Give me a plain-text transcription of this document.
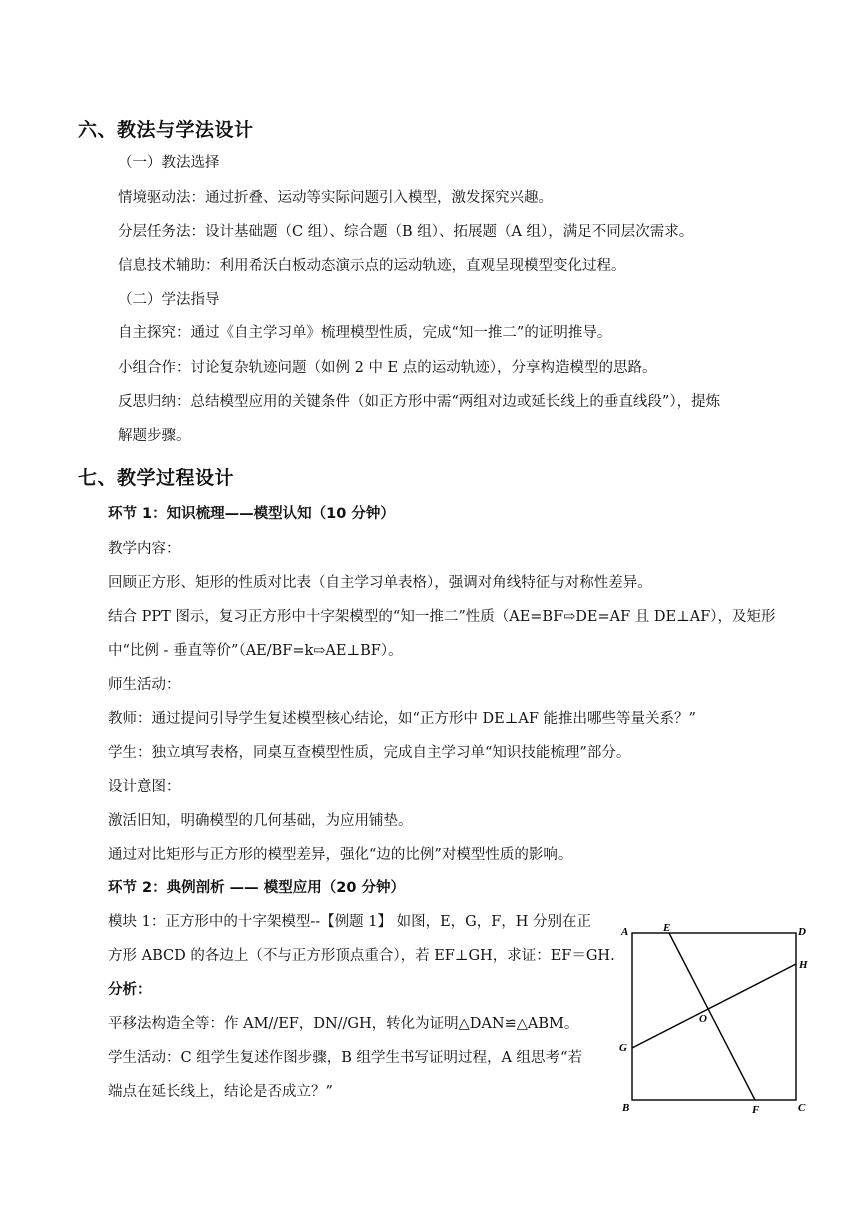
六、教法与学法设计
（一）教法选择
情境驱动法：通过折叠、运动等实际问题引入模型，激发探究兴趣。
分层任务法：设计基础题（C 组）、综合题（B 组）、拓展题（A 组），满足不同层次需求。
信息技术辅助：利用希沃白板动态演示点的运动轨迹，直观呈现模型变化过程。
（二）学法指导
自主探究：通过《自主学习单》梳理模型性质，完成“知一推二”的证明推导。
小组合作：讨论复杂轨迹问题（如例 2 中 E 点的运动轨迹），分享构造模型的思路。
反思归纳：总结模型应用的关键条件（如正方形中需“两组对边或延长线上的垂直线段”），提炼
解题步骤。
七、教学过程设计
环节 1：知识梳理——模型认知（10 分钟）
教学内容：
回顾正方形、矩形的性质对比表（自主学习单表格），强调对角线特征与对称性差异。
结合 PPT 图示，复习正方形中十字架模型的“知一推二”性质（AE=BF⇨DE=AF 且 DE⊥AF），及矩形
中“比例 - 垂直等价”（AE/BF=k⇨AE⊥BF）。
师生活动：
教师：通过提问引导学生复述模型核心结论，如“正方形中 DE⊥AF 能推出哪些等量关系？”
学生：独立填写表格，同桌互查模型性质，完成自主学习单“知识技能梳理”部分。
设计意图：
激活旧知，明确模型的几何基础，为应用铺垫。
通过对比矩形与正方形的模型差异，强化“边的比例”对模型性质的影响。
环节 2：典例剖析 —— 模型应用（20 分钟）
模块 1：正方形中的十字架模型--【例题 1】 如图，E，G，F，H 分别在正
方形 ABCD 的各边上（不与正方形顶点重合），若 EF⊥GH，求证：EF＝GH.
分析：
平移法构造全等：作 AM//EF，DN//GH，转化为证明△DAN≌△ABM。
学生活动：C 组学生复述作图步骤，B 组学生书写证明过程，A 组思考“若
端点在延长线上，结论是否成立？”
A	E	D
H
O
G
B	F	C
